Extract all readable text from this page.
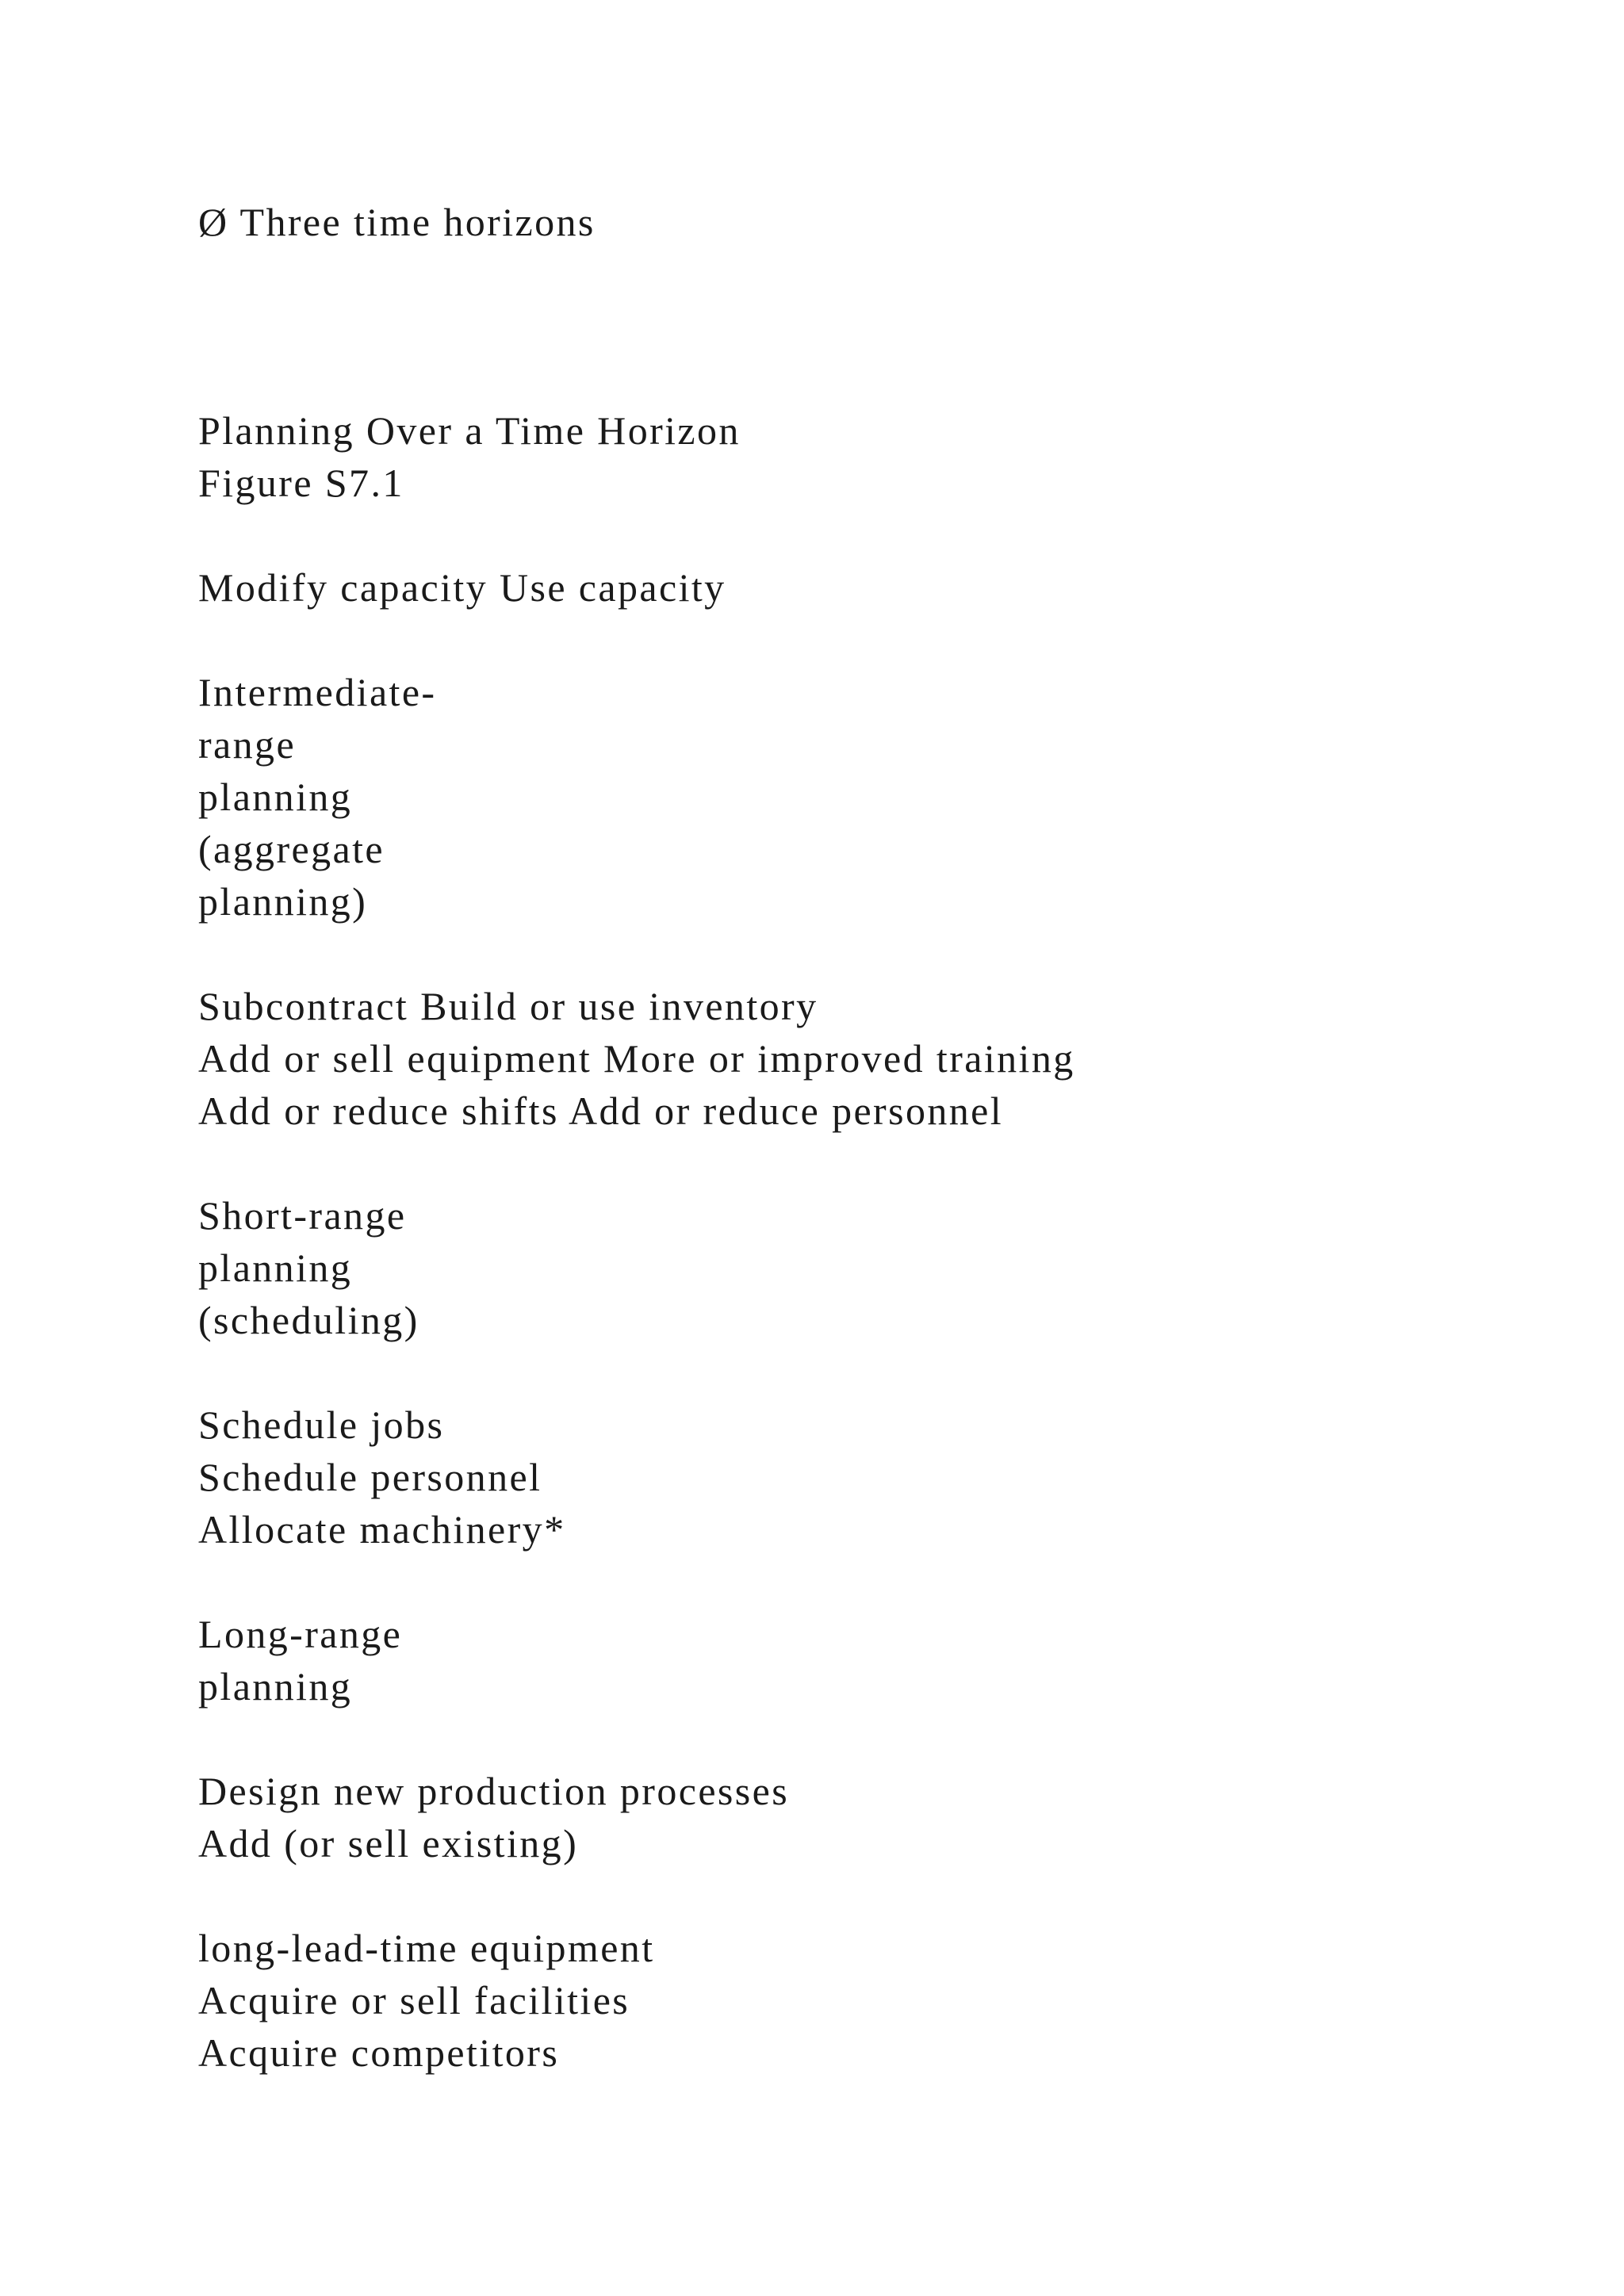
Ø Three time horizons

Planning Over a Time Horizon

Figure S7.1

Modify capacity Use capacity

Intermediate-

range

planning

(aggregate

planning)

Subcontract Build or use inventory

Add or sell equipment More or improved training

Add or reduce shifts Add or reduce personnel

Short-range

planning

(scheduling)

Schedule jobs

Schedule personnel

Allocate machinery*

Long-range

planning

Design new production processes

Add (or sell existing)

long-lead-time equipment

Acquire or sell facilities

Acquire competitors
